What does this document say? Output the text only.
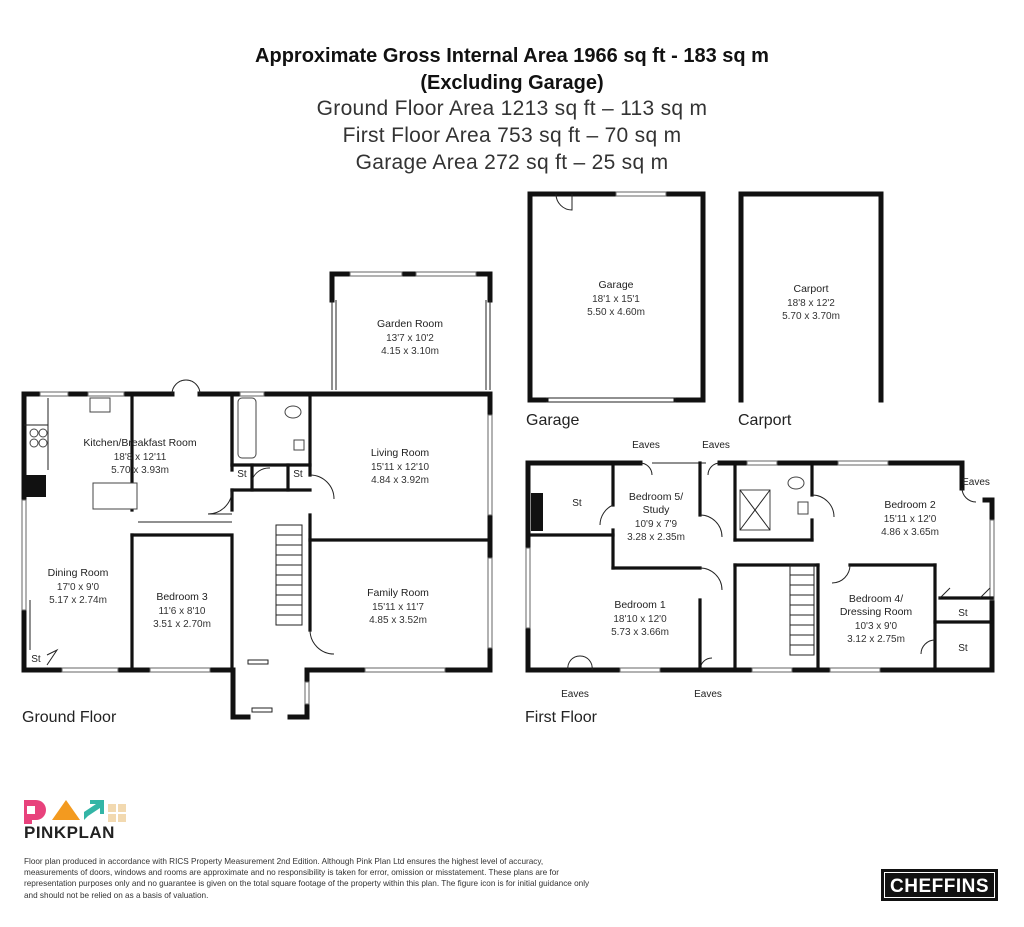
Approximate Gross Internal Area 1966 sq ft - 183 sq m
(Excluding Garage)
Ground Floor Area 1213 sq ft – 113 sq m
First Floor Area 753 sq ft – 70 sq m
Garage Area 272 sq ft – 25 sq m
Garden Room
13'7 x 10'2
4.15 x 3.10m
St	St
St
Kitchen/Breakfast Room
18'8 x 12'11
5.70 x 3.93m
Living Room
15'11 x 12'10
4.84 x 3.92m
Dining Room
17'0 x 9'0
5.17 x 2.74m	Bedroom 3
11'6 x 8'10
3.51 x 2.70m
Family Room
15'11 x 11'7
4.85 x 3.52m
Ground Floor
Garage
18'1 x 15'1
5.50 x 4.60m
Garage
Carport
18'8 x 12'2
5.70 x 3.70m
Carport
St
St
St
Eaves	Eaves
Eaves
Eaves	Eaves
Bedroom 5/
Study
10'9 x 7'9
3.28 x 2.35m
Bedroom 2
15'11 x 12'0
4.86 x 3.65m
Bedroom 1
18'10 x 12'0
5.73 x 3.66m
Bedroom 4/
Dressing Room
10'3 x 9'0
3.12 x 2.75m
First Floor
PINKPLAN
Floor plan produced in accordance with RICS Property Measurement 2nd Edition. Although Pink Plan Ltd ensures the highest level of accuracy, measurements of doors, windows and rooms are approximate and no responsibility is taken for error, omission or misstatement. These plans are for representation purposes only and no guarantee is given on the total square footage of the property within this plan. The figure icon is for initial guidance only and should not be relied on as a basis of valuation.	CHEFFINS
